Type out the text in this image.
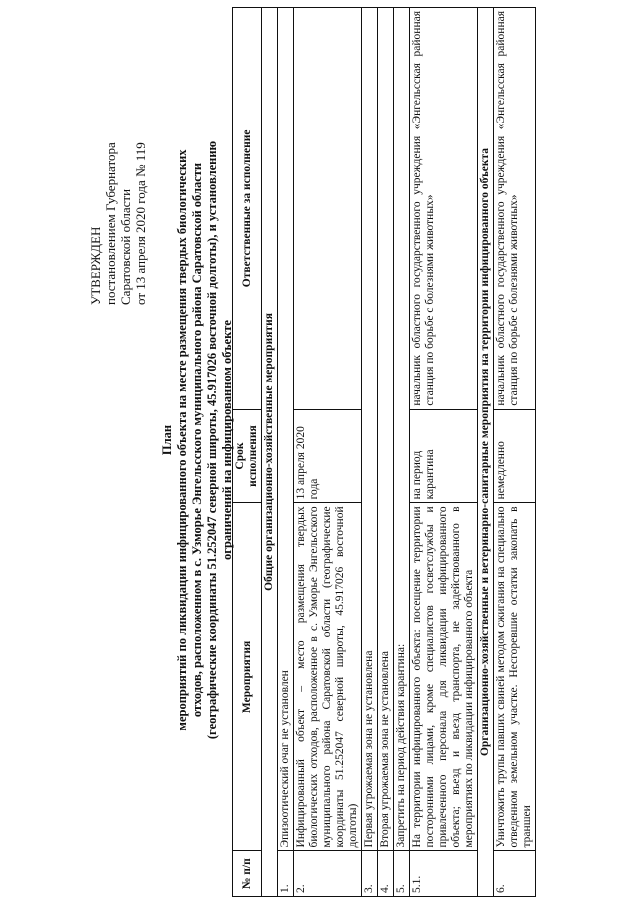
УТВЕРЖДЕН постановлением Губернатора Саратовской области от 13 апреля 2020 года № 119
План мероприятий по ликвидации инфицированного объекта на месте размещения твердых биологических отходов, расположенном в с. Узморье Энгельсского муниципального района Саратовской области (географические координаты 51.252047 северной широты, 45.917026 восточной долготы), и установлению ограничений на инфицированном объекте
№ п/п	Мероприятия	Срок исполнения	Ответственные за исполнение
Общие организационно-хозяйственные мероприятия			
1.	Эпизоотический очаг не установлен		
2.	Инфицированный объект – место размещения твердых биологических отходов, расположенное в с. Узморье Энгельсского муниципального района Саратовской области (географические координаты 51.252047 северной широты, 45.917026 восточной долготы)	13 апреля 2020 года	
3.	Первая угрожаемая зона не установлена		
4.	Вторая угрожаемая зона не установлена		
5.	Запретить на период действия карантина:		
5.1.	На территории инфицированного объекта: посещение территории посторонними лицами, кроме специалистов госветслужбы и привлеченного персонала для ликвидации инфицированного объекта; въезд и въезд транспорта, не задействованного в мероприятиях по ликвидации инфицированного объекта	на период карантина	начальник областного государственного учреждения «Энгельсская районная станция по борьбе с болезнями животных»
Организационно-хозяйственные и ветеринарно-санитарные мероприятия на территории инфицированного объекта			
6.	Уничтожить трупы павших свиней методом сжигания на специально отведенном земельном участке. Несгоревшие остатки закопать в траншеи	немедленно	начальник областного государственного учреждения «Энгельсская районная станция по борьбе с болезнями животных»
